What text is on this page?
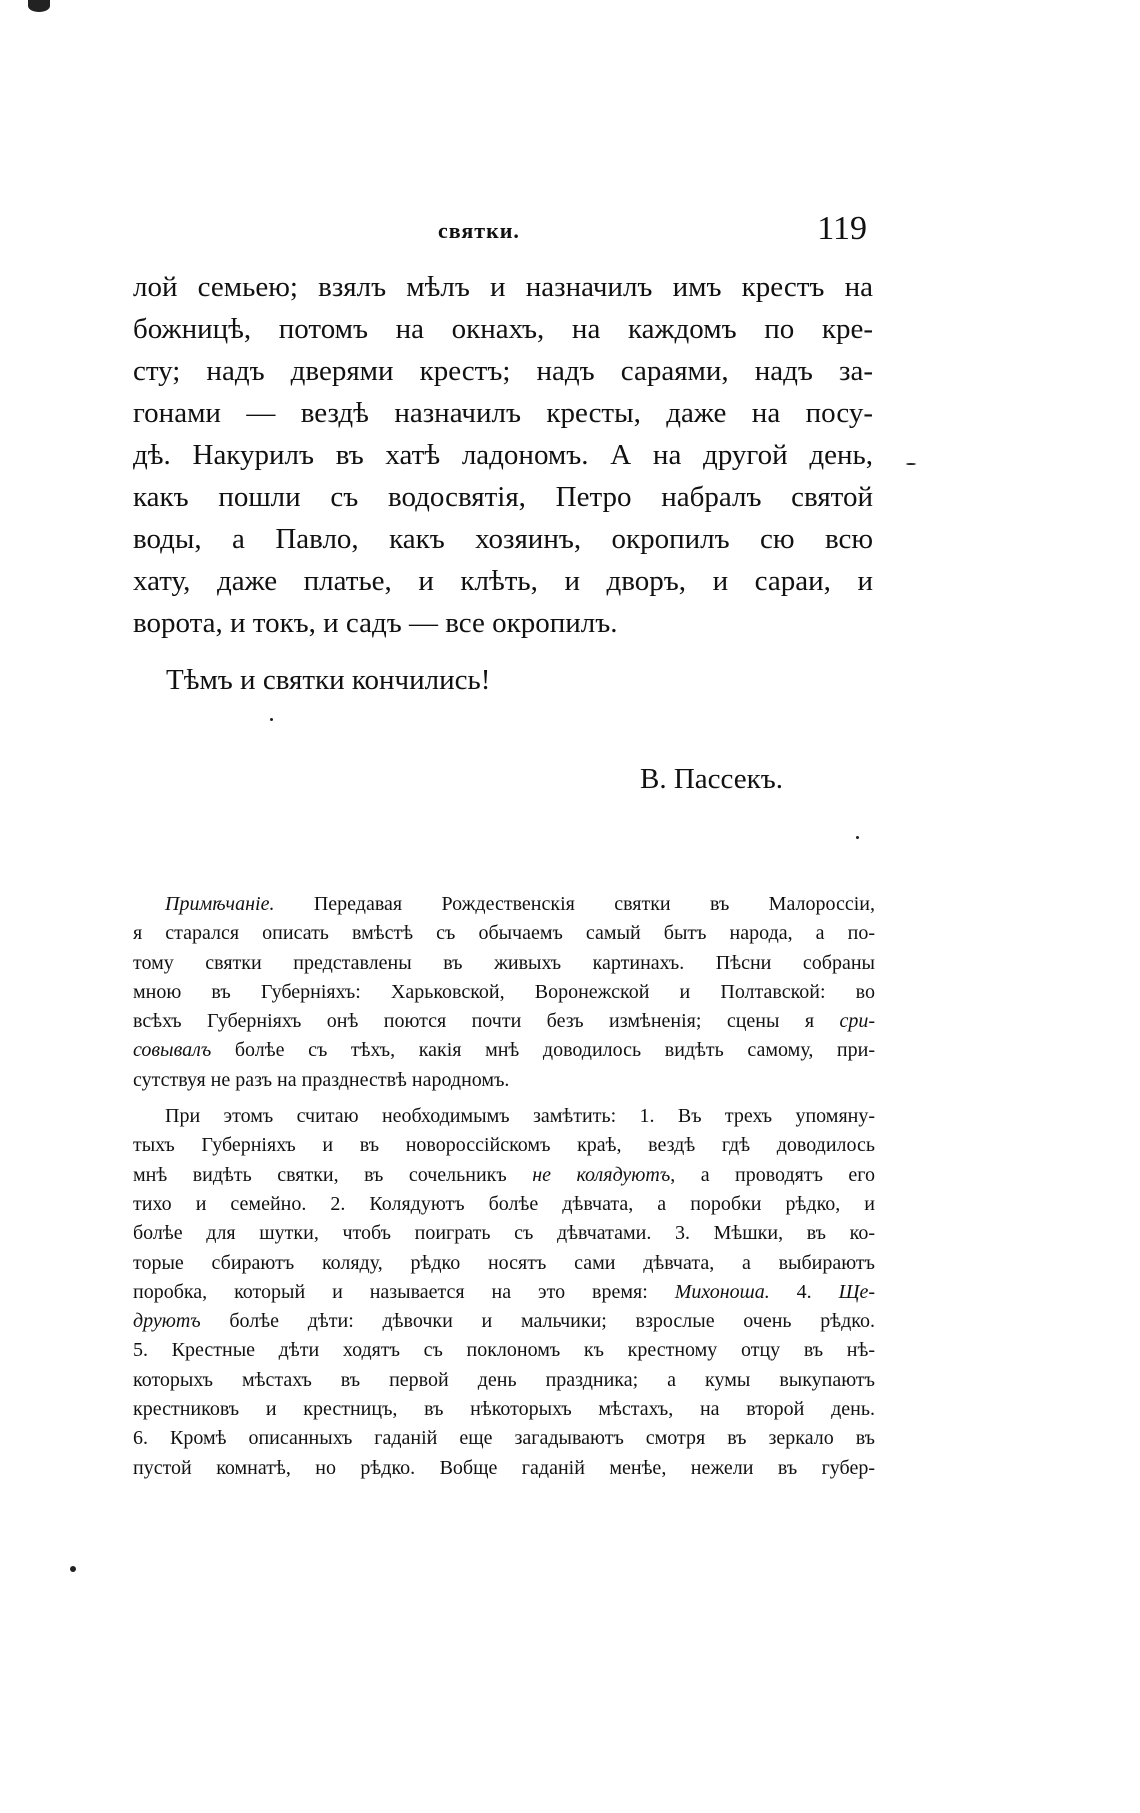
святки.	119
лой семьею; взялъ мѣлъ и назначилъ имъ крестъ на
божницѣ, потомъ на окнахъ, на каждомъ по кре-
сту; надъ дверями крестъ; надъ сараями, надъ за-
гонами — вездѣ назначилъ кресты, даже на посу-
дѣ. Накурилъ въ хатѣ ладономъ. А на другой день,
какъ пошли съ водосвятія, Петро набралъ святой
воды, а Павло, какъ хозяинъ, окропилъ сю всю
хату, даже платье, и клѣть, и дворъ, и сараи, и
ворота, и токъ, и садъ — все окропилъ.
Тѣмъ и святки кончились!
В. Пассекъ.
Примѣчаніе. Передавая Рождественскія святки въ Малороссіи,
я старался описать вмѣстѣ съ обычаемъ самый бытъ народа, а по-
тому святки представлены въ живыхъ картинахъ. Пѣсни собраны
мною въ Губерніяхъ: Харьковской, Воронежской и Полтавской: во
всѣхъ Губерніяхъ онѣ поются почти безъ измѣненія; сцены я сри-
совывалъ болѣе съ тѣхъ, какія мнѣ доводилось видѣть самому, при-
сутствуя не разъ на празднествѣ народномъ.
При этомъ считаю необходимымъ замѣтить: 1. Въ трехъ упомяну-
тыхъ Губерніяхъ и въ новороссійскомъ краѣ, вездѣ гдѣ доводилось
мнѣ видѣть святки, въ сочельникъ не колядуютъ, а проводятъ его
тихо и семейно. 2. Колядуютъ болѣе дѣвчата, а поробки рѣдко, и
болѣе для шутки, чтобъ поиграть съ дѣвчатами. 3. Мѣшки, въ ко-
торые сбираютъ коляду, рѣдко носятъ сами дѣвчата, а выбираютъ
поробка, который и называется на это время: Михоноша. 4. Ще-
друютъ болѣе дѣти: дѣвочки и мальчики; взрослые очень рѣдко.
5. Крестные дѣти ходятъ съ поклономъ къ крестному отцу въ нѣ-
которыхъ мѣстахъ въ первой день праздника; а кумы выкупаютъ
крестниковъ и крестницъ, въ нѣкоторыхъ мѣстахъ, на второй день.
6. Кромѣ описанныхъ гаданій еще загадываютъ смотря въ зеркало въ
пустой комнатѣ, но рѣдко. Вобще гаданій менѣе, нежели въ губер-
